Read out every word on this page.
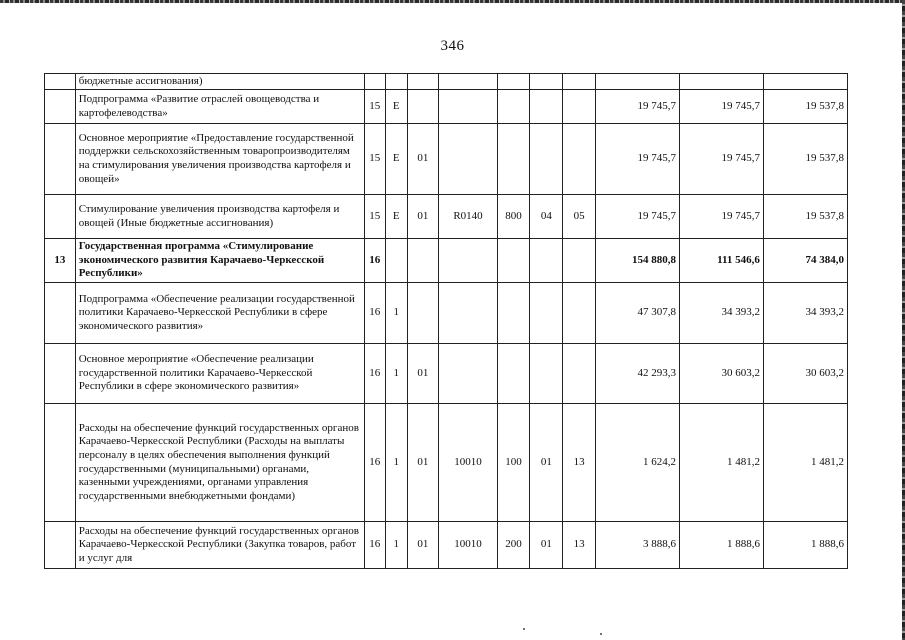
346
	бюджетные ассигнования)										
	Подпрограмма «Развитие отраслей овощеводства и картофелеводства»	15	Е						19 745,7	19 745,7	19 537,8
	Основное мероприятие «Предоставление государственной поддержки сельскохозяйственным товаропроизводителям на стимулирования увеличения производства картофеля и овощей»	15	Е	01					19 745,7	19 745,7	19 537,8
	Стимулирование увеличения производства картофеля и овощей (Иные бюджетные ассигнования)	15	Е	01	R0140	800	04	05	19 745,7	19 745,7	19 537,8
13	Государственная программа «Стимулирование экономического развития Карачаево-Черкесской Республики»	16							154 880,8	111 546,6	74 384,0
	Подпрограмма «Обеспечение реализации государственной политики Карачаево-Черкесской Республики в сфере экономического развития»	16	1						47 307,8	34 393,2	34 393,2
	Основное мероприятие «Обеспечение реализации государственной политики Карачаево-Черкесской Республики в сфере экономического развития»	16	1	01					42 293,3	30 603,2	30 603,2
	Расходы на обеспечение функций государственных органов Карачаево-Черкесской Республики (Расходы на выплаты персоналу в целях обеспечения выполнения функций государственными (муниципальными) органами, казенными учреждениями, органами управления государственными внебюджетными фондами)	16	1	01	10010	100	01	13	1 624,2	1 481,2	1 481,2
	Расходы на обеспечение функций государственных органов Карачаево-Черкесской Республики (Закупка товаров, работ и услуг для	16	1	01	10010	200	01	13	3 888,6	1 888,6	1 888,6
